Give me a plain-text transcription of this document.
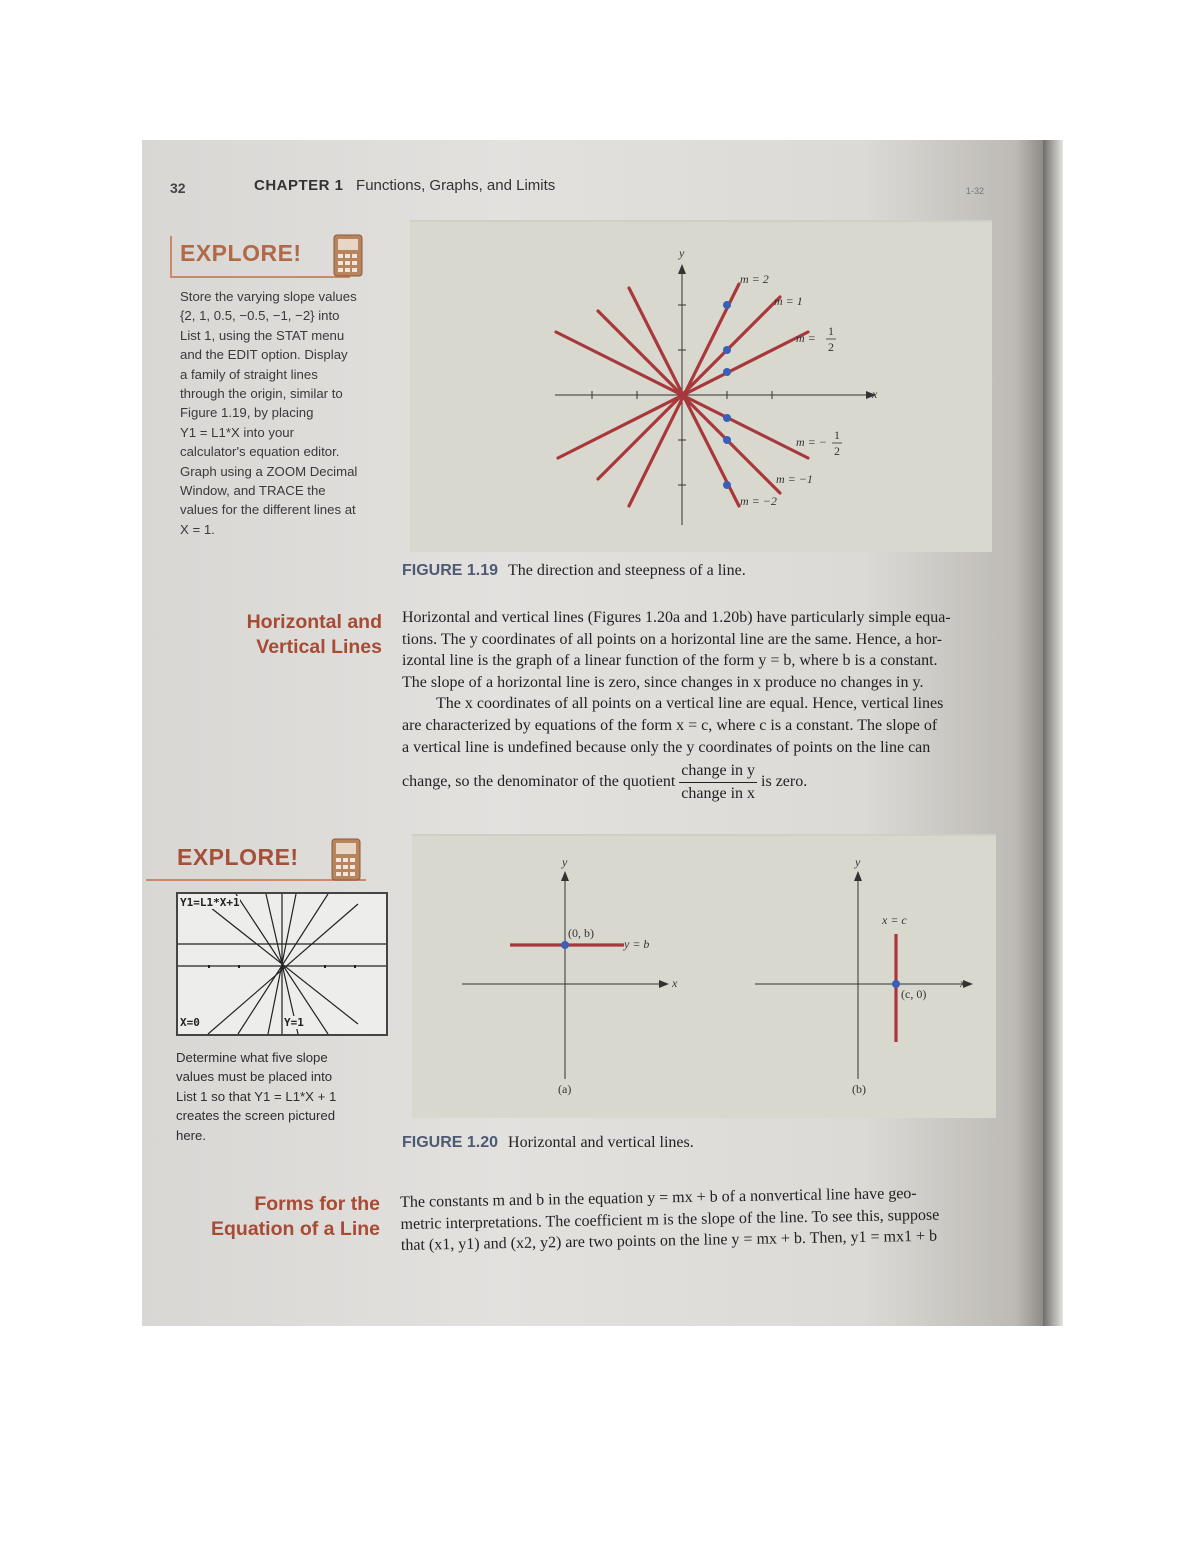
32	CHAPTER 1 Functions, Graphs, and Limits	1-32
EXPLORE!
Store the varying slope values
{2, 1, 0.5, −0.5, −1, −2} into
List 1, using the STAT menu
and the EDIT option. Display
a family of straight lines
through the origin, similar to
Figure 1.19, by placing
Y1 = L1*X into your
calculator's equation editor.
Graph using a ZOOM Decimal
Window, and TRACE the
values for the different lines at
X = 1.
y
x
m = 2
m = 1
m = 1
2
m = − 1
2
m = −1
m = −2
FIGURE 1.19 The direction and steepness of a line.
Horizontal and
Vertical Lines
Horizontal and vertical lines (Figures 1.20a and 1.20b) have particularly simple equa-
tions. The y coordinates of all points on a horizontal line are the same. Hence, a hor-
izontal line is the graph of a linear function of the form y = b, where b is a constant.
The slope of a horizontal line is zero, since changes in x produce no changes in y.
The x coordinates of all points on a vertical line are equal. Hence, vertical lines
are characterized by equations of the form x = c, where c is a constant. The slope of
a vertical line is undefined because only the y coordinates of points on the line can
change, so the denominator of the quotient $\frac{\text{change in y}}{\text{change in x}}$ is zero.
EXPLORE!
Y1=L1*X+1
X=0	Y=1
Determine what five slope
values must be placed into
List 1 so that Y1 = L1*X + 1
creates the screen pictured
here.
y
x
(0, b)
y = b
(a)
y
x
(c, 0)
x = c
(b)
FIGURE 1.20 Horizontal and vertical lines.
Forms for the
Equation of a Line
The constants m and b in the equation y = mx + b of a nonvertical line have geo-
metric interpretations. The coefficient m is the slope of the line. To see this, suppose
that (x1, y1) and (x2, y2) are two points on the line y = mx + b. Then, y1 = mx1 + b
